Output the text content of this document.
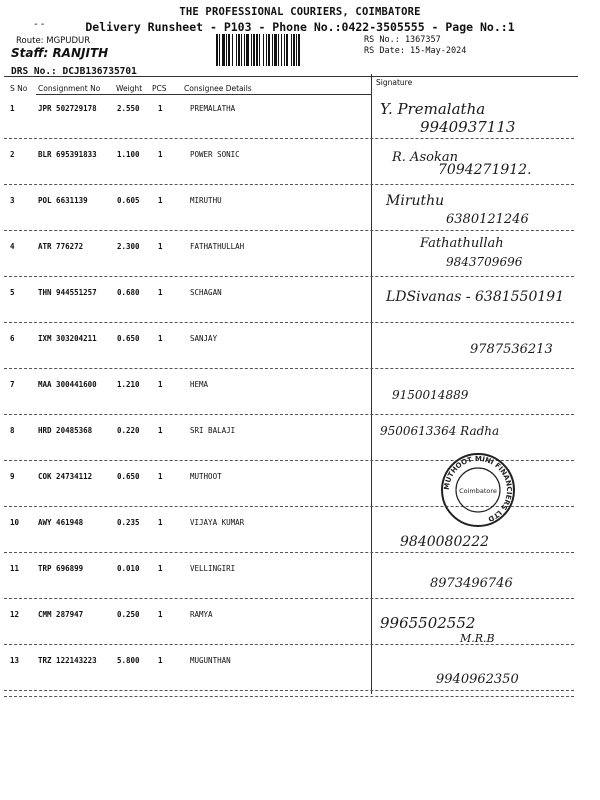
THE PROFESSIONAL COURIERS, COIMBATORE
- -	Delivery Runsheet - P103 - Phone No.:0422-3505555 - Page No.:1
Route: MGPUDUR
Staff: RANJITH
DRS No.: DCJB136735701
RS No.: 1367357
RS Date: 15-May-2024
S No Consignment No Weight PCS Consignee Details
Signature
1	JPR 502729178	2.550 1	PREMALATHA	Y. Premalatha
9940937113
2	BLR 695391833	1.100 1	POWER SONIC	R. Asokan
7094271912.
3	POL 6631139	0.605 1	MIRUTHU	Miruthu
6380121246
4	ATR 776272	2.300 1	FATHATHULLAH	Fathathullah
9843709696
5	THN 944551257	0.680 1	SCHAGAN	LDSivanas - 6381550191
6	IXM 303204211	0.650 1	SANJAY
9787536213
7	MAA 300441600	1.210 1	HEMA
9150014889
8	HRD 20485368	0.220 1	SRI BALAJI	9500613364 Radha
9	COK 24734112	0.650 1	MUTHOOT
10	AWY 461948	0.235 1	VIJAYA KUMAR
9840080222
11	TRP 696899	0.010 1	VELLINGIRI
8973496746
12	CMM 287947	0.250 1	RAMYA	9965502552
M.R.B
13	TRZ 122143223	5.800 1	MUGUNTHAN
9940962350
MUTHOOT MINI FINANCIERS LTD
Coimbatore
